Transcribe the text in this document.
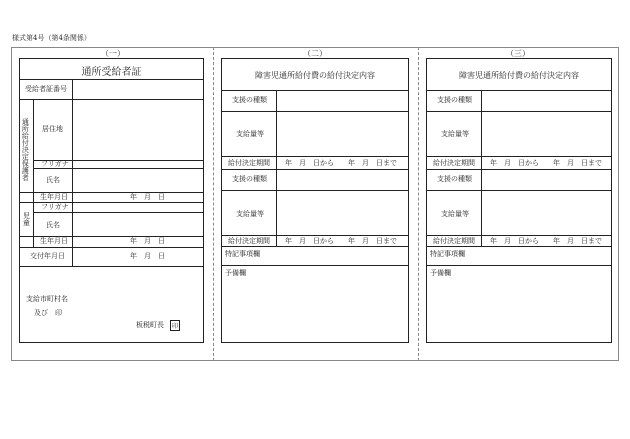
様式第4号（第4条関係）
（一）	（二）	（三）
通所受給者証
受給者証番号
通所給付決定保護者 居住地
フリガナ
氏名
生年月日	年　月　日
児童
フリガナ
氏名
生年月日	年　月　日
交付年月日	年　月　日
支給市町村名
及び　印
板税町長	印
障害児通所給付費の給付決定内容
支援の種類
支給量等
給付決定期間 年　月　日から　　年　月　日まで
支援の種類
支給量等
給付決定期間 年　月　日から　　年　月　日まで
特記事項欄
予備欄
障害児通所給付費の給付決定内容
支援の種類
支給量等
給付決定期間 年　月　日から　　年　月　日まで
支援の種類
支給量等
給付決定期間 年　月　日から　　年　月　日まで
特記事項欄
予備欄
